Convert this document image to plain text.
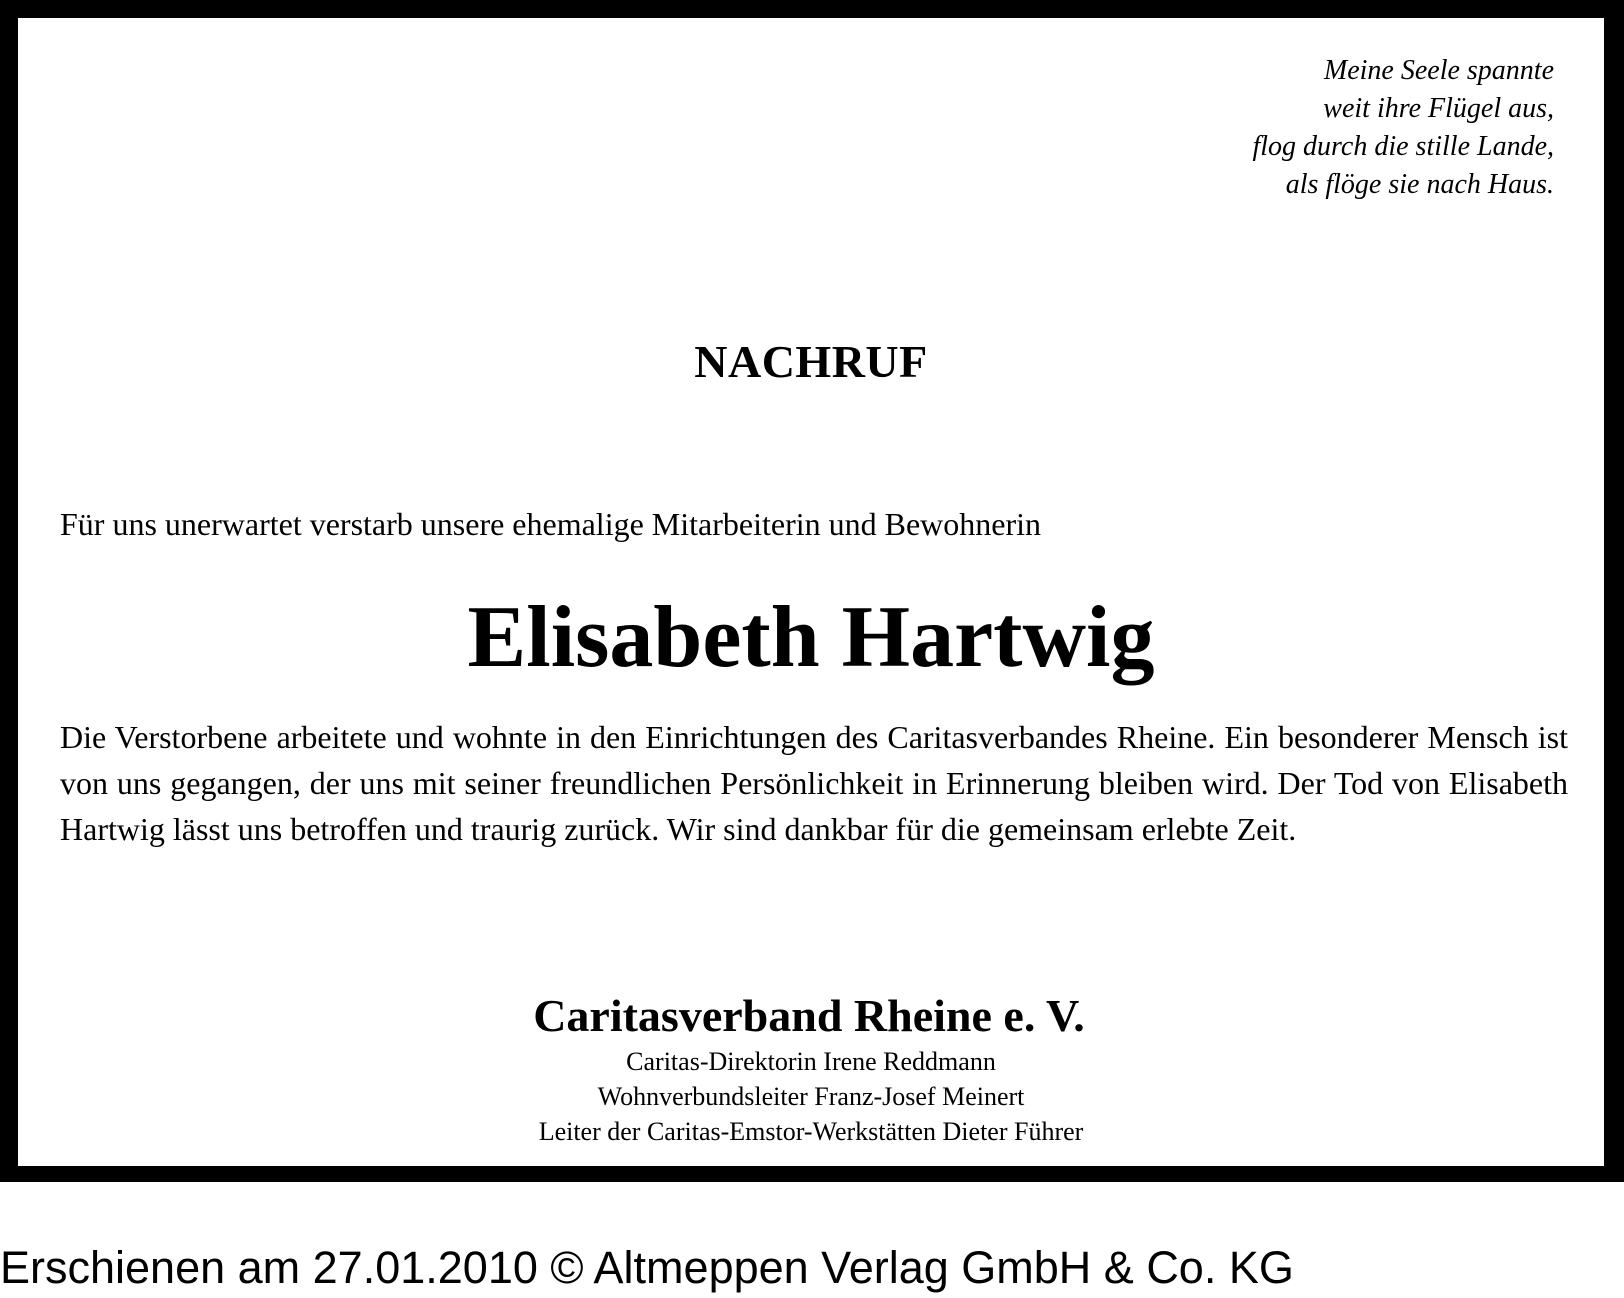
Meine Seele spannte
weit ihre Flügel aus,
flog durch die stille Lande,
als flöge sie nach Haus.
NACHRUF
Für uns unerwartet verstarb unsere ehemalige Mitarbeiterin und Bewohnerin
Elisabeth Hartwig
Die Verstorbene arbeitete und wohnte in den Einrichtungen des Caritasverbandes Rheine. Ein besonderer Mensch ist von uns gegangen, der uns mit seiner freundlichen Persönlichkeit in Erinnerung bleiben wird. Der Tod von Elisabeth Hartwig lässt uns betroffen und traurig zurück. Wir sind dankbar für die gemeinsam erlebte Zeit.
Caritasverband Rheine e. V.
Caritas-Direktorin Irene Reddmann
Wohnverbundsleiter Franz-Josef Meinert
Leiter der Caritas-Emstor-Werkstätten Dieter Führer
Erschienen am 27.01.2010 © Altmeppen Verlag GmbH & Co. KG
